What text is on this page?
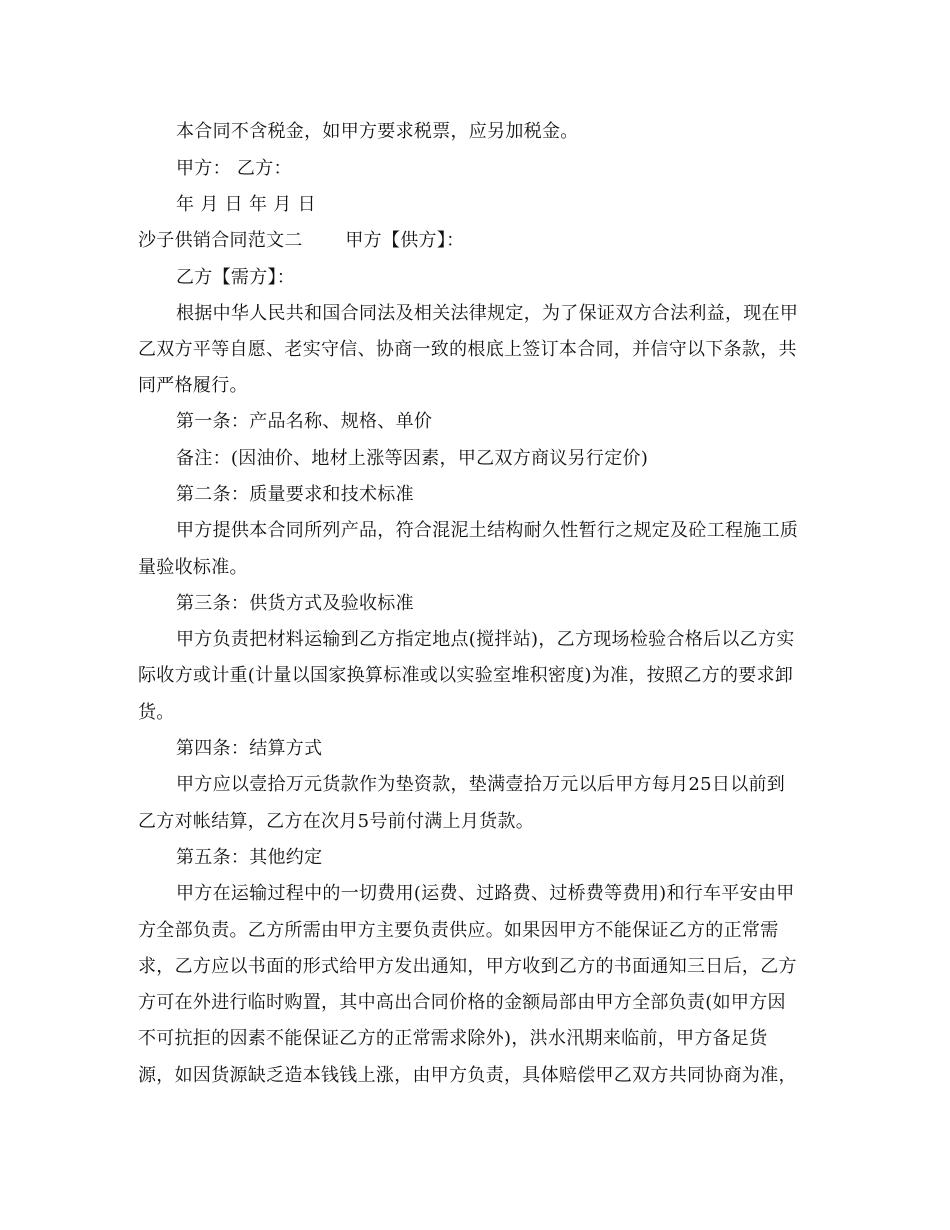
本合同不含税金，如甲方要求税票，应另加税金。
甲方： 乙方：
年 月 日 年 月 日
沙子供销合同范文二　　 甲方【供方】：
乙方【需方】：
根据中华人民共和国合同法及相关法律规定，为了保证双方合法利益，现在甲
乙双方平等自愿、老实守信、协商一致的根底上签订本合同，并信守以下条款，共
同严格履行。
第一条：产品名称、规格、单价
备注：(因油价、地材上涨等因素，甲乙双方商议另行定价)
第二条：质量要求和技术标准
甲方提供本合同所列产品，符合混泥土结构耐久性暂行之规定及砼工程施工质
量验收标准。
第三条：供货方式及验收标准
甲方负责把材料运输到乙方指定地点(搅拌站)，乙方现场检验合格后以乙方实
际收方或计重(计量以国家换算标准或以实验室堆积密度)为准，按照乙方的要求卸
货。
第四条：结算方式
甲方应以壹拾万元货款作为垫资款，垫满壹拾万元以后甲方每月25日以前到
乙方对帐结算，乙方在次月5号前付满上月货款。
第五条：其他约定
甲方在运输过程中的一切费用(运费、过路费、过桥费等费用)和行车平安由甲
方全部负责。乙方所需由甲方主要负责供应。如果因甲方不能保证乙方的正常需
求，乙方应以书面的形式给甲方发出通知，甲方收到乙方的书面通知三日后，乙方
方可在外进行临时购置，其中高出合同价格的金额局部由甲方全部负责(如甲方因
不可抗拒的因素不能保证乙方的正常需求除外)，洪水汛期来临前，甲方备足货
源，如因货源缺乏造本钱钱上涨，由甲方负责，具体赔偿甲乙双方共同协商为准，
